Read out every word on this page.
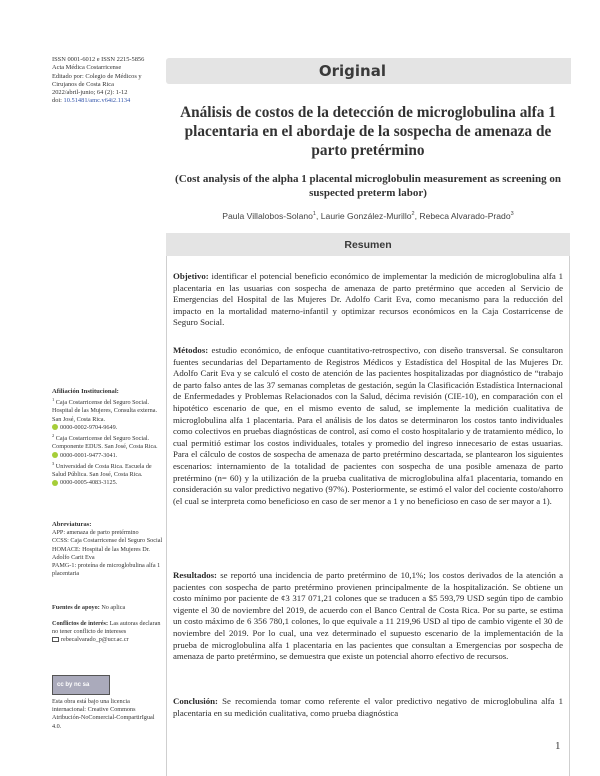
ISSN 0001-6012 e ISSN 2215-5856
Acta Médica Costarricense
Editado por: Colegio de Médicos y
Cirujanos de Costa Rica
2022/abril-junio; 64 (2): 1-12
doi: 10.51481/amc.v64i2.1134
Original
Análisis de costos de la detección de microglobulina alfa 1 placentaria en el abordaje de la sospecha de amenaza de parto pretérmino
(Cost analysis of the alpha 1 placental microglobulin measurement as screening on suspected preterm labor)
Paula Villalobos-Solano$^1$, Laurie González-Murillo$^2$, Rebeca Alvarado-Prado$^3$
Resumen
Objetivo: identificar el potencial beneficio económico de implementar la medición de microglobulina alfa 1 placentaria en las usuarias con sospecha de amenaza de parto pretérmino que acceden al Servicio de Emergencias del Hospital de las Mujeres Dr. Adolfo Carit Eva, como mecanismo para la reducción del impacto en la mortalidad materno-infantil y optimizar recursos económicos en la Caja Costarricense de Seguro Social.
Métodos: estudio económico, de enfoque cuantitativo-retrospectivo, con diseño transversal. Se consultaron fuentes secundarias del Departamento de Registros Médicos y Estadística del Hospital de las Mujeres Dr. Adolfo Carit Eva y se calculó el costo de atención de las pacientes hospitalizadas por diagnóstico de “trabajo de parto falso antes de las 37 semanas completas de gestación, según la Clasificación Estadística Internacional de Enfermedades y Problemas Relacionados con la Salud, décima revisión (CIE-10), en comparación con el hipotético escenario de que, en el mismo evento de salud, se implemente la medición cualitativa de microglobulina alfa 1 placentaria. Para el análisis de los datos se determinaron los costos tanto individuales como colectivos en pruebas diagnósticas de control, así como el costo hospitalario y de tratamiento médico, lo cual permitió estimar los costos individuales, totales y promedio del ingreso innecesario de estas usuarias. Para el cálculo de costos de sospecha de amenaza de parto pretérmino descartada, se plantearon los siguientes escenarios: internamiento de la totalidad de pacientes con sospecha de una posible amenaza de parto pretérmino (n= 60) y la utilización de la prueba cualitativa de microglobulina alfa1 placentaria, tomando en consideración su valor predictivo negativo (97%). Posteriormente, se estimó el valor del cociente costo/ahorro (el cual se interpreta como beneficioso en caso de ser menor a 1 y no beneficioso en caso de ser mayor a 1).
Resultados: se reportó una incidencia de parto pretérmino de 10,1%; los costos derivados de la atención a pacientes con sospecha de parto pretérmino provienen principalmente de la hospitalización. Se obtiene un costo mínimo por paciente de ¢3 317 071,21 colones que se traducen a $5 593,79 USD según tipo de cambio vigente el 30 de noviembre del 2019, de acuerdo con el Banco Central de Costa Rica. Por su parte, se estima un costo máximo de 6 356 780,1 colones, lo que equivale a 11 219,96 USD al tipo de cambio vigente el 30 de noviembre del 2019. Por lo cual, una vez determinado el supuesto escenario de la implementación de la prueba de microglobulina alfa 1 placentaria en las pacientes que consultan a Emergencias por sospecha de amenaza de parto pretérmino, se demuestra que existe un potencial ahorro efectivo de recursos.
Conclusión: Se recomienda tomar como referente el valor predictivo negativo de microglobulina alfa 1 placentaria en su medición cualitativa, como prueba diagnóstica
Afiliación Institucional:
$^1$ Caja Costarricense del Seguro Social. Hospital de las Mujeres, Consulta externa. San José, Costa Rica.
0000-0002-9704-9649.
$^2$ Caja Costarricense del Seguro Social. Componente EDUS. San José, Costa Rica.
0000-0001-9477-3041.
$^3$ Universidad de Costa Rica. Escuela de Salud Pública. San José, Costa Rica.
0000-0005-4083-3125.
Abreviaturas:
APP: amenaza de parto pretérmino
CCSS: Caja Costarricense del Seguro Social
HOMACE: Hospital de las Mujeres Dr. Adolfo Carit Eva
PAMG-1: proteína de microglobulina alfa 1 placentaria
Fuentes de apoyo: No aplica
Conflictos de interés: Las autoras declaran no tener conflicto de intereses
rebecalvarado_p@ucr.ac.cr
cc by nc sa
Esta obra está bajo una licencia internacional: Creative Commons Atribución-NoComercial-CompartirIgual 4.0.
1
